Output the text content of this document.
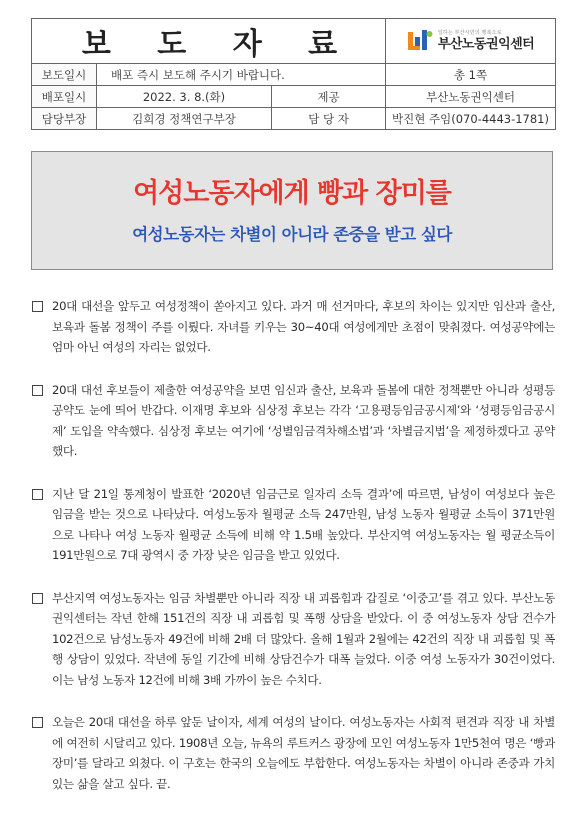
보 도 자 료			일하는 부산시민의 행복으로
부산노동권익센터

보도일시	배포 즉시 보도해 주시기 바랍니다.		총 1쪽
배포일시	2022. 3. 8.(화)	제공	부산노동권익센터
담당부장	김희경 정책연구부장	담 당 자	박진현 주임(070-4443-1781)
여성노동자에게 빵과 장미를
여성노동자는 차별이 아니라 존중을 받고 싶다
20대 대선을 앞두고 여성정책이 쏟아지고 있다. 과거 매 선거마다, 후보의 차이는 있지만 임산과 출산, 보육과 돌봄 정책이 주를 이뤘다. 자녀를 키우는 30~40대 여성에게만 초점이 맞춰졌다. 여성공약에는 엄마 아닌 여성의 자리는 없었다.
20대 대선 후보들이 제출한 여성공약을 보면 임신과 출산, 보육과 돌봄에 대한 정책뿐만 아니라 성평등 공약도 눈에 띄어 반갑다. 이재명 후보와 심상정 후보는 각각 ‘고용평등임금공시제’와 ‘성평등임금공시제’ 도입을 약속했다. 심상정 후보는 여기에 ‘성별임금격차해소법’과 ‘차별금지법’을 제정하겠다고 공약했다.
지난 달 21일 통계청이 발표한 ‘2020년 임금근로 일자리 소득 결과’에 따르면, 남성이 여성보다 높은 임금을 받는 것으로 나타났다. 여성노동자 월평균 소득 247만원, 남성 노동자 월평균 소득이 371만원으로 나타나 여성 노동자 월평균 소득에 비해 약 1.5배 높았다. 부산지역 여성노동자는 월 평균소득이 191만원으로 7대 광역시 중 가장 낮은 임금을 받고 있었다.
부산지역 여성노동자는 임금 차별뿐만 아니라 직장 내 괴롭힘과 갑질로 ‘이중고’를 겪고 있다. 부산노동권익센터는 작년 한해 151건의 직장 내 괴롭힘 및 폭행 상담을 받았다. 이 중 여성노동자 상담 건수가 102건으로 남성노동자 49건에 비해 2배 더 많았다. 올해 1월과 2월에는 42건의 직장 내 괴롭힘 및 폭행 상담이 있었다. 작년에 동일 기간에 비해 상담건수가 대폭 늘었다. 이중 여성 노동자가 30건이었다. 이는 남성 노동자 12건에 비해 3배 가까이 높은 수치다.
오늘은 20대 대선을 하루 앞둔 날이자, 세계 여성의 날이다. 여성노동자는 사회적 편견과 직장 내 차별에 여전히 시달리고 있다. 1908년 오늘, 뉴욕의 루트커스 광장에 모인 여성노동자 1만5천여 명은 ‘빵과 장미’를 달라고 외쳤다. 이 구호는 한국의 오늘에도 부합한다. 여성노동자는 차별이 아니라 존중과 가치 있는 삶을 살고 싶다. 끝.
